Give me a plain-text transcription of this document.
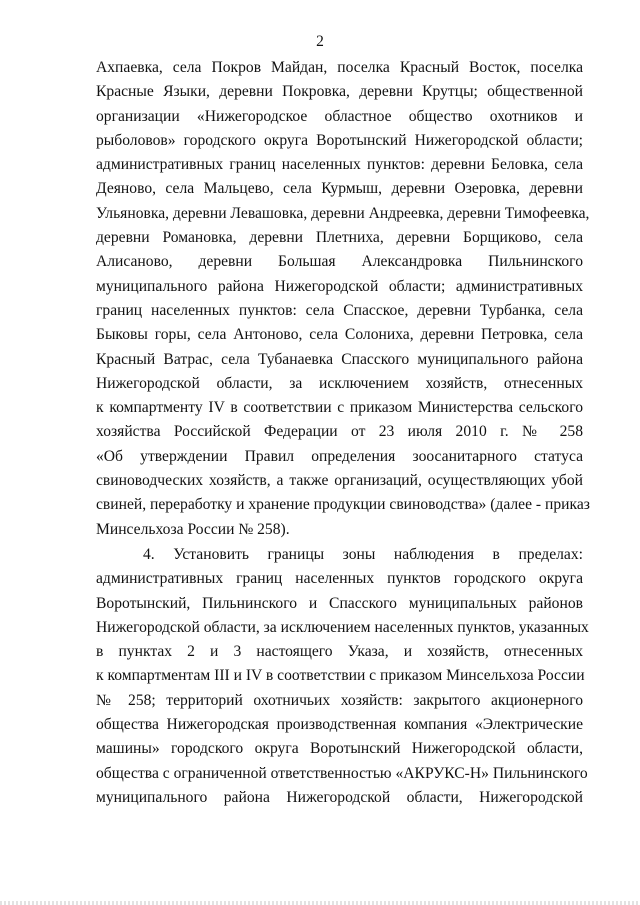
2

Ахпаевка, села Покров Майдан, поселка Красный Восток, поселка
Красные Языки, деревни Покровка, деревни Крутцы; общественной
организации «Нижегородское областное общество охотников и
рыболовов» городского округа Воротынский Нижегородской области;
административных границ населенных пунктов: деревни Беловка, села
Деяново, села Мальцево, села Курмыш, деревни Озеровка, деревни
Ульяновка, деревни Левашовка, деревни Андреевка, деревни Тимофеевка,
деревни Романовка, деревни Плетниха, деревни Борщиково, села
Алисаново, деревни Большая Александровка Пильнинского
муниципального района Нижегородской области; административных
границ населенных пунктов: села Спасское, деревни Турбанка, села
Быковы горы, села Антоново, села Солониха, деревни Петровка, села
Красный Ватрас, села Тубанаевка Спасского муниципального района
Нижегородской области, за исключением хозяйств, отнесенных
к компартменту IV в соответствии с приказом Министерства сельского
хозяйства Российской Федерации от 23 июля 2010 г. № 258
«Об утверждении Правил определения зоосанитарного статуса
свиноводческих хозяйств, а также организаций, осуществляющих убой
свиней, переработку и хранение продукции свиноводства» (далее - приказ
Минсельхоза России № 258).

4. Установить границы зоны наблюдения в пределах:
административных границ населенных пунктов городского округа
Воротынский, Пильнинского и Спасского муниципальных районов
Нижегородской области, за исключением населенных пунктов, указанных
в пунктах 2 и 3 настоящего Указа, и хозяйств, отнесенных
к компартментам III и IV в соответствии с приказом Минсельхоза России
№ 258; территорий охотничьих хозяйств: закрытого акционерного
общества Нижегородская производственная компания «Электрические
машины» городского округа Воротынский Нижегородской области,
общества с ограниченной ответственностью «АКРУКС-Н» Пильнинского
муниципального района Нижегородской области, Нижегородской
